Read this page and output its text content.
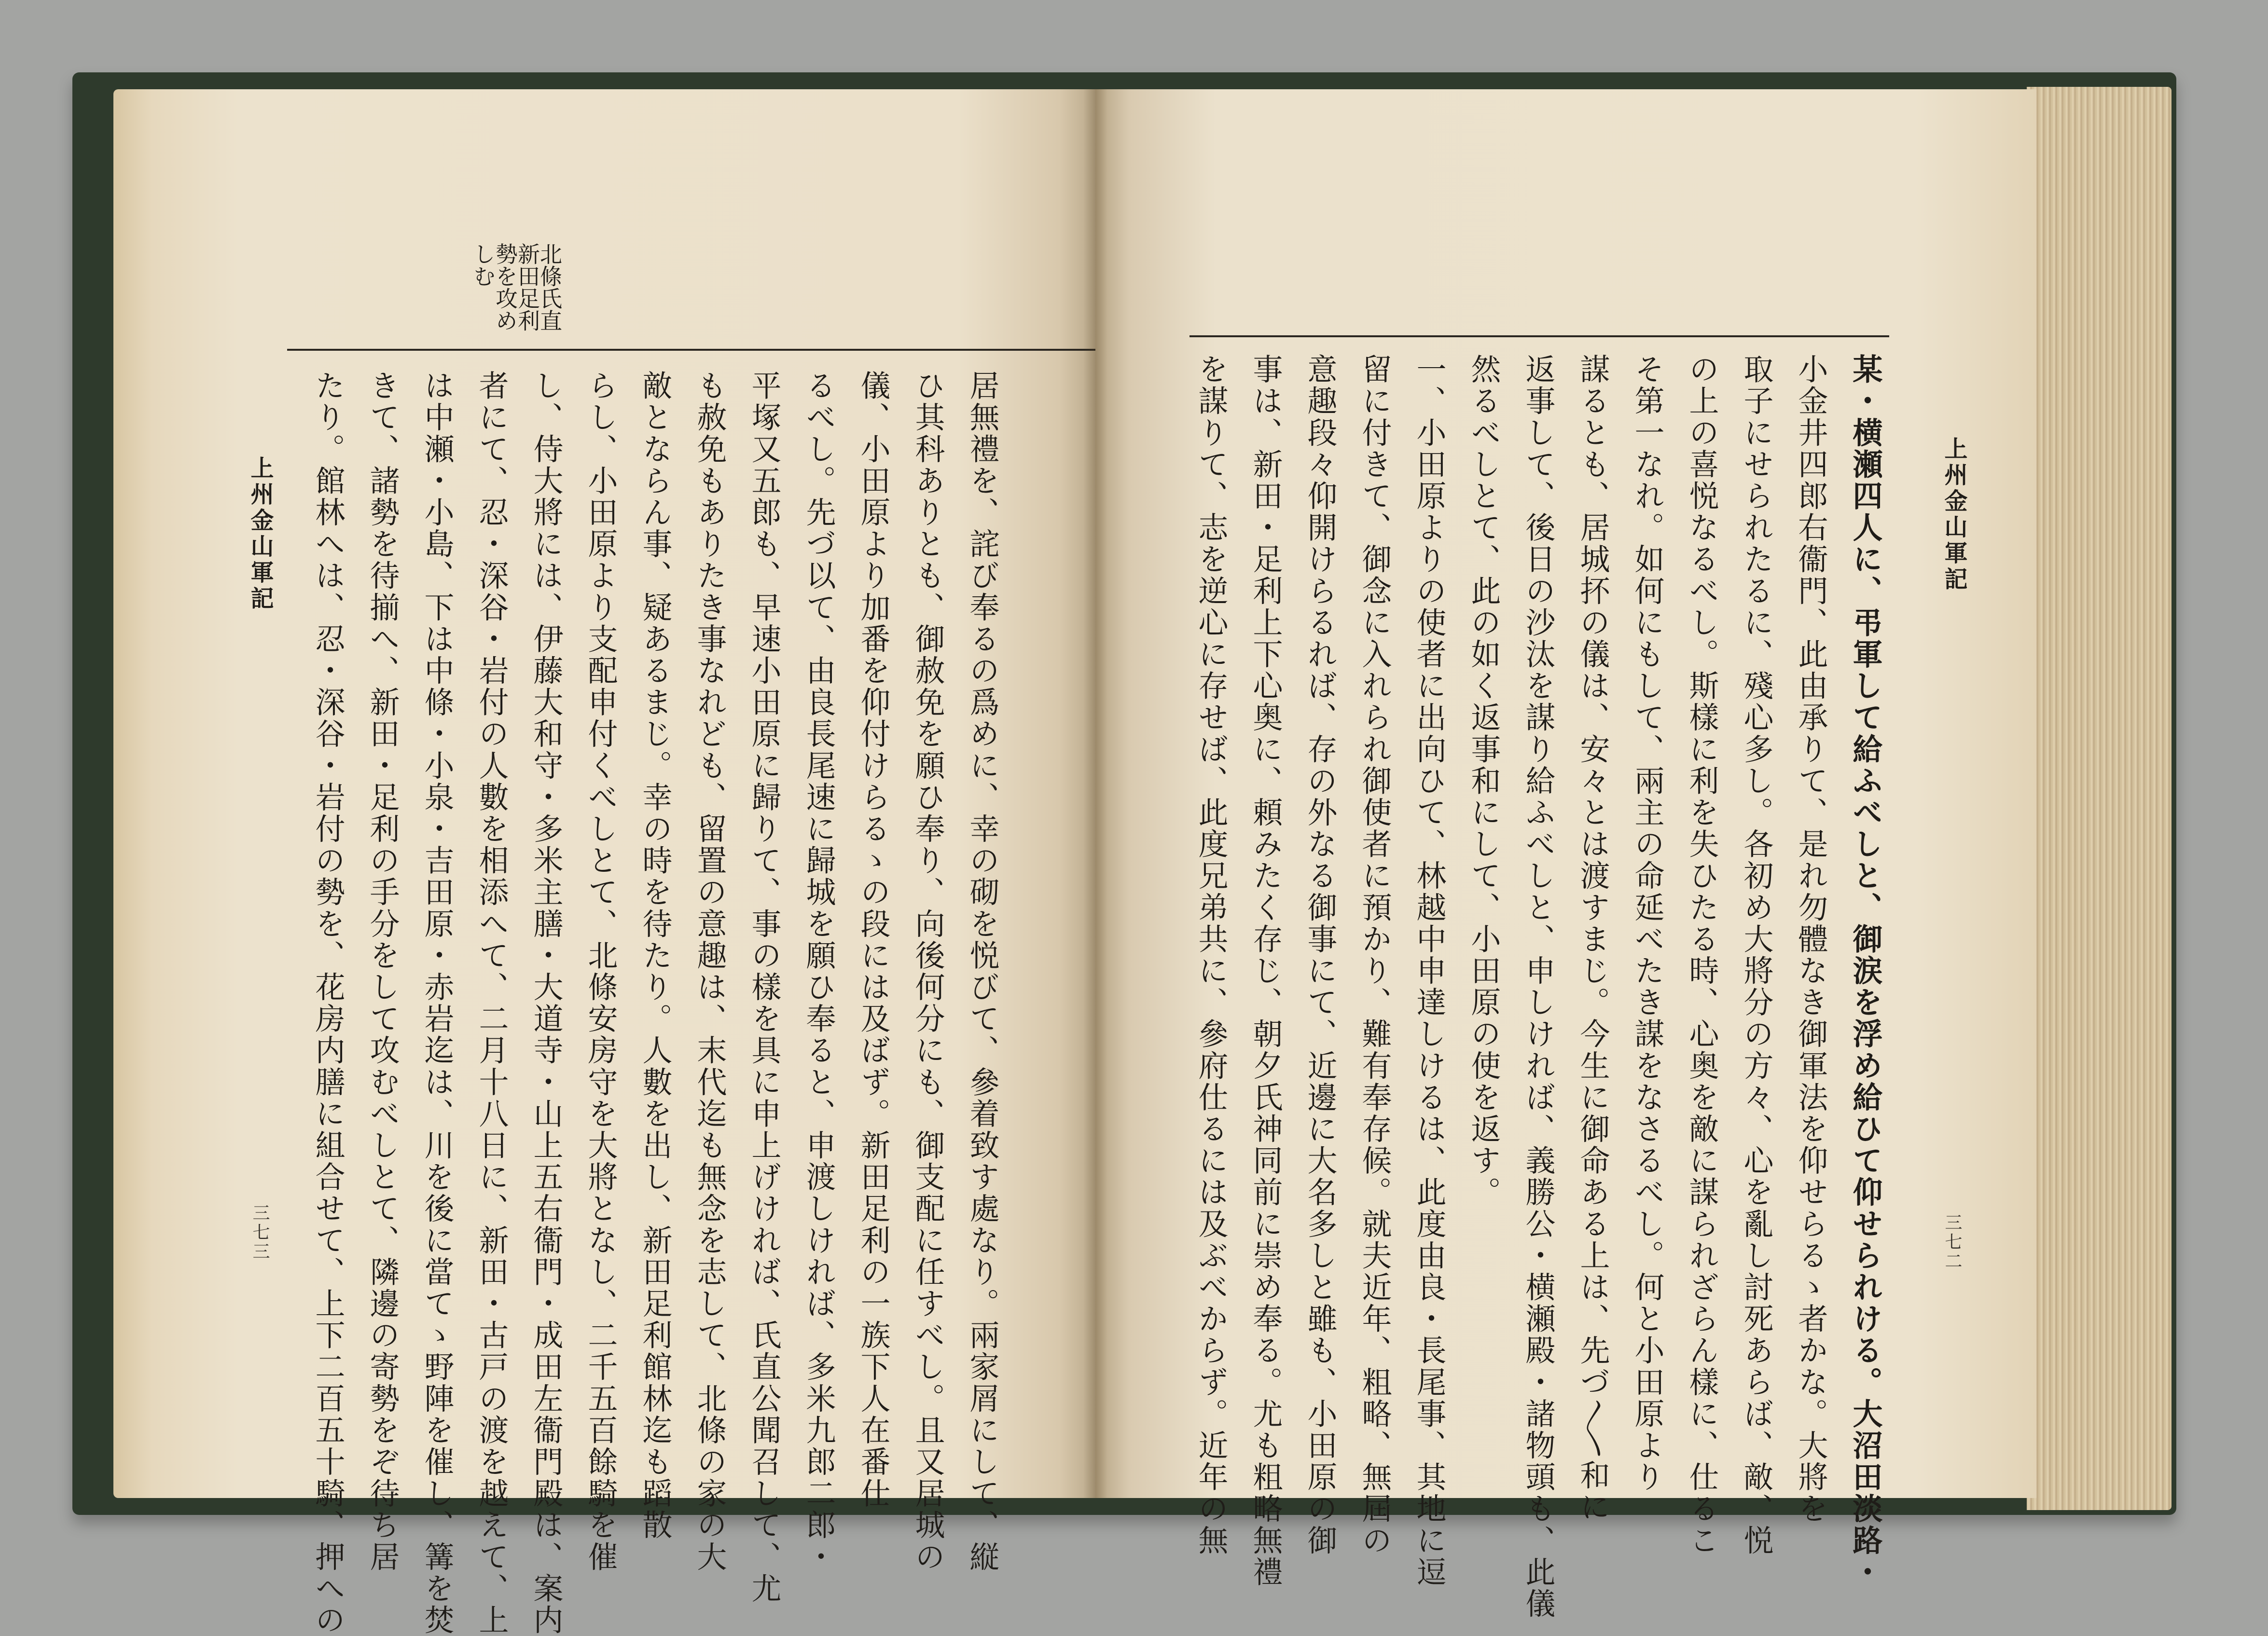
北條氏直
新田足利
勢を攻め
しむ
居無禮を、詫び奉るの爲めに、幸の砌を悦びて、參着致す處なり。兩家屑にして、縦
ひ其科ありとも、御赦免を願ひ奉り、向後何分にも、御支配に任すべし。且又居城の
儀、小田原より加番を仰付けらるゝの段には及ばず。新田足利の一族下人在番仕
るべし。先づ以て、由良長尾速に歸城を願ひ奉ると、申渡しければ、多米九郎二郎・
平塚又五郎も、早速小田原に歸りて、事の樣を具に申上げければ、氏直公聞召して、尤
も赦免もありたき事なれども、留置の意趣は、末代迄も無念を志して、北條の家の大
敵とならん事、疑あるまじ。幸の時を待たり。人數を出し、新田足利館林迄も蹈散
らし、小田原より支配申付くべしとて、北條安房守を大將となし、二千五百餘騎を催
し、侍大將には、伊藤大和守・多米主膳・大道寺・山上五右衞門・成田左衞門殿は、案内
者にて、忍・深谷・岩付の人數を相添へて、二月十八日に、新田・古戸の渡を越えて、上
は中瀬・小島、下は中條・小泉・吉田原・赤岩迄は、川を後に當てゝ野陣を催し、篝を焚
きて、諸勢を待揃へ、新田・足利の手分をして攻むべしとて、隣邊の寄勢をぞ待ち居
たり。館林へは、忍・深谷・岩付の勢を、花房内膳に組合せて、上下二百五十騎、押への
上州金山軍記
三七三
上州金山軍記
三七二
某・横瀬四人に、弔軍して給ふべしと、御涙を浮め給ひて仰せられける。大沼田淡路・
小金井四郎右衞門、此由承りて、是れ勿體なき御軍法を仰せらるゝ者かな。大將を
取子にせられたるに、殘心多し。各初め大將分の方々、心を亂し討死あらば、敵、悦
の上の喜悦なるべし。斯樣に利を失ひたる時、心奥を敵に謀られざらん樣に、仕るこ
そ第一なれ。如何にもして、兩主の命延べたき謀をなさるべし。何と小田原より
謀るとも、居城抔の儀は、安々とは渡すまじ。今生に御命ある上は、先づ〳〵和に
返事して、後日の沙汰を謀り給ふべしと、申しければ、義勝公・横瀬殿・諸物頭も、此儀
然るべしとて、此の如く返事和にして、小田原の使を返す。
一、小田原よりの使者に出向ひて、林越中申達しけるは、此度由良・長尾事、其地に逗
留に付きて、御念に入れられ御使者に預かり、難有奉存候。就夫近年、粗略、無屆の
意趣段々仰開けらるれば、存の外なる御事にて、近邊に大名多しと雖も、小田原の御
事は、新田・足利上下心奥に、頼みたく存じ、朝夕氏神同前に崇め奉る。尤も粗略無禮
を謀りて、志を逆心に存せば、此度兄弟共に、參府仕るには及ぶべからず。近年の無
